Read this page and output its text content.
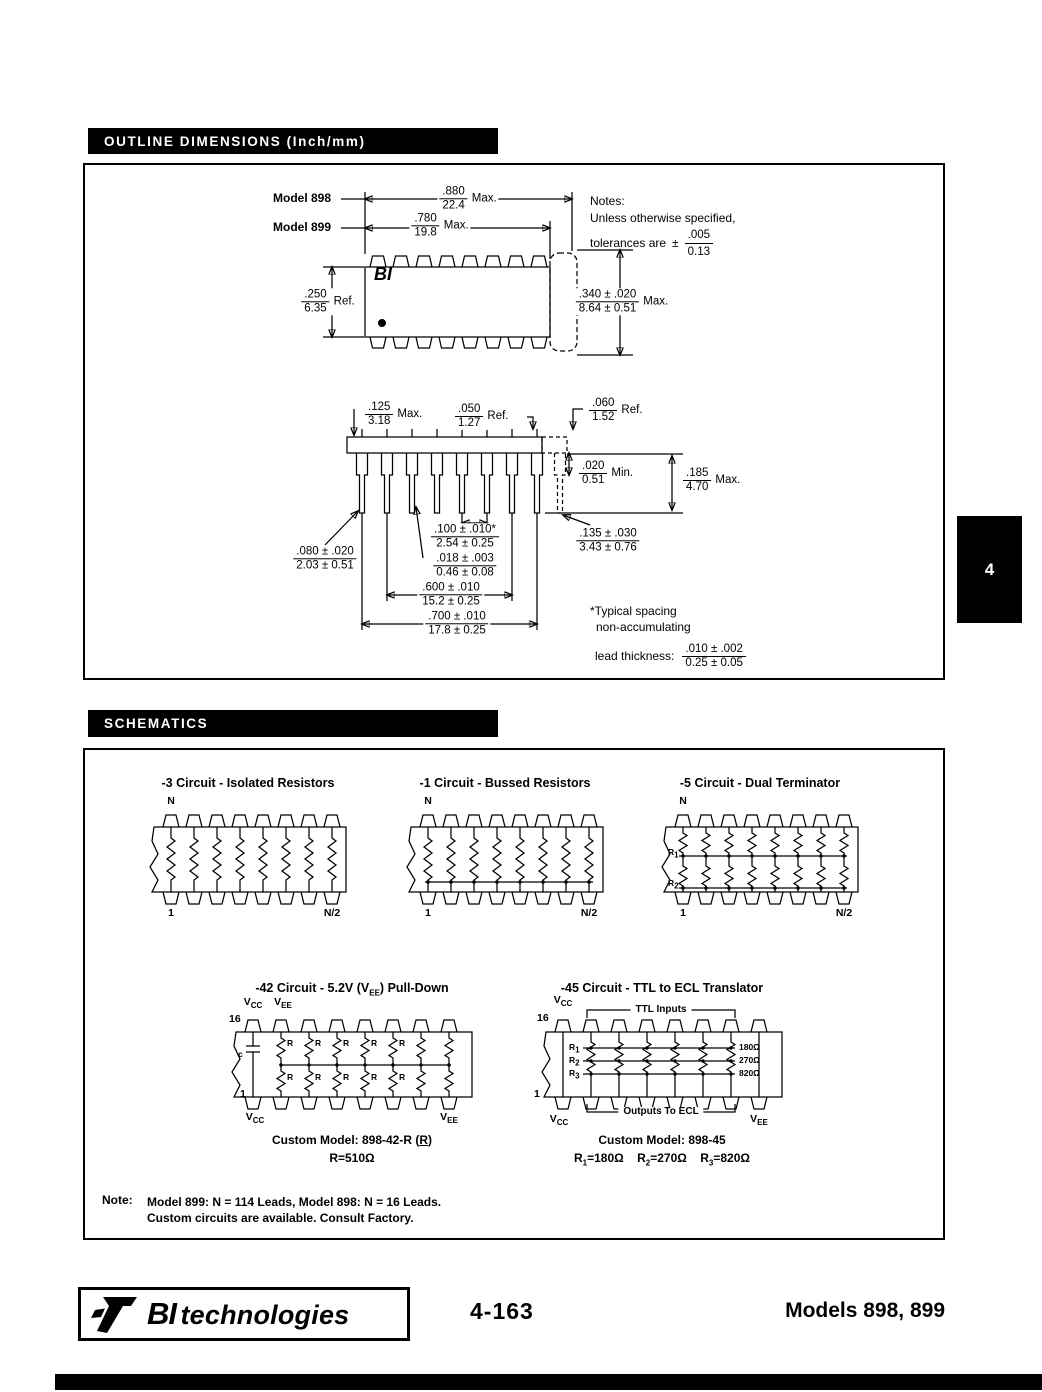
OUTLINE DIMENSIONS (Inch/mm)
Model 898
Model 899
BI
$\frac{.880}{22.4}$ Max.
$\frac{.780}{19.8}$ Max.
Notes:
Unless otherwise specified,
tolerances are ± $\frac{.005}{0.13}$
$\frac{.250}{6.35}$ Ref.	$\frac{.340 \pm .020}{8.64 \pm 0.51}$ Max.
$\frac{.125}{3.18}$ Max.	$\frac{.050}{1.27}$ Ref.	$\frac{.060}{1.52}$ Ref.
$\frac{.020}{0.51}$ Min.	$\frac{.185}{4.70}$ Max.
$\frac{.100 \pm .010*}{2.54 \pm 0.25}$
$\frac{.018 \pm .003}{0.46 \pm 0.08}$
$\frac{.600 \pm .010}{15.2 \pm 0.25}$
$\frac{.700 \pm .010}{17.8 \pm 0.25}$
$\frac{.080 \pm .020}{2.03 \pm 0.51}$
$\frac{.135 \pm .030}{3.43 \pm 0.76}$
*Typical spacing
non-accumulating
lead thickness: $\frac{.010 \pm .002}{0.25 \pm 0.05}$
4
SCHEMATICS
-3 Circuit - Isolated Resistors	-1 Circuit - Bussed Resistors	-5 Circuit - Dual Terminator
N
1	N/2
N
1	N/2
N
1	N/2
$R_1$
$R_2$
-42 Circuit - 5.2V $(V_{EE})$ Pull-Down	-45 Circuit - TTL to ECL Translator
$V_{CC}$ $V_{EE}$
16
c
R	R	R	R	R
R	R	R	R	R
1
$V_{CC}$	$V_{EE}$
Custom Model: 898-42-R (R)
R=510Ω
$V_{CC}$
TTL Inputs
16
$R_1$
$R_2$
$R_3$
180Ω
270Ω
820Ω
1
$V_{CC}$
Outputs To ECL
$V_{EE}$
Custom Model: 898-45
$R_1=180\Omega$ $R_2=270\Omega$ $R_3=820\Omega$
Note: Model 899: N = 114 Leads, Model 898: N = 16 Leads.
Custom circuits are available. Consult Factory.
BI technologies	4-163	Models 898, 899
